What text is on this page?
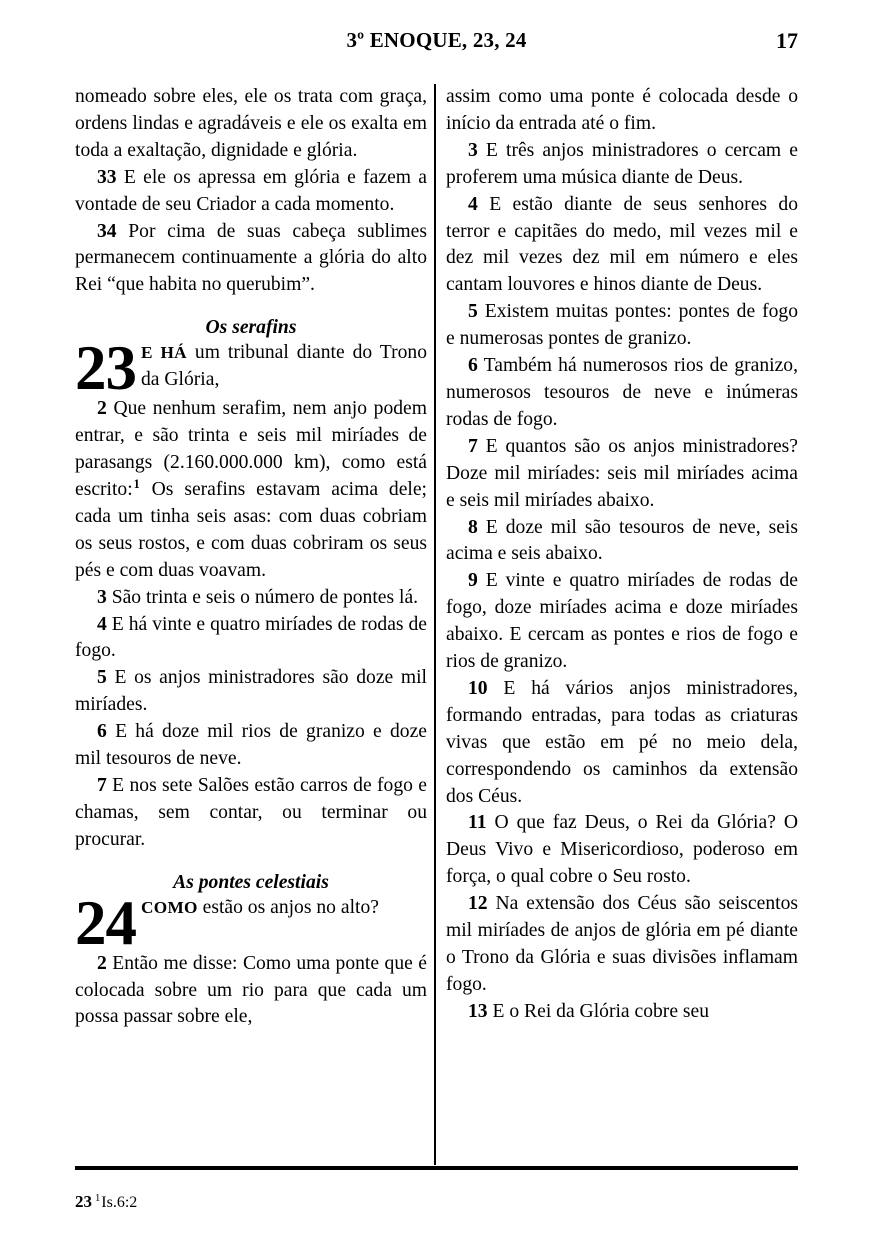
3º ENOQUE, 23, 24	17

nomeado sobre eles, ele os trata com graça, ordens lindas e agradáveis e ele os exalta em toda a exaltação, dignidade e glória.

33 E ele os apressa em glória e fazem a vontade de seu Criador a cada momento.

34 Por cima de suas cabeça sublimes permanecem continuamente a glória do alto Rei “que habita no querubim”.

Os serafins

23 E HÁ um tribunal diante do Trono da Glória,

2 Que nenhum serafim, nem anjo podem entrar, e são trinta e seis mil miríades de parasangs (2.160.000.000 km), como está escrito:$^1$ Os serafins estavam acima dele; cada um tinha seis asas: com duas cobriam os seus rostos, e com duas cobriram os seus pés e com duas voavam.

3 São trinta e seis o número de pontes lá.

4 E há vinte e quatro miríades de rodas de fogo.

5 E os anjos ministradores são doze mil miríades.

6 E há doze mil rios de granizo e doze mil tesouros de neve.

7 E nos sete Salões estão carros de fogo e chamas, sem contar, ou terminar ou procurar.

As pontes celestiais

24 COMO estão os anjos no alto?

2 Então me disse: Como uma ponte que é colocada sobre um rio para que cada um possa passar sobre ele,

assim como uma ponte é colocada desde o início da entrada até o fim.

3 E três anjos ministradores o cercam e proferem uma música diante de Deus.

4 E estão diante de seus senhores do terror e capitães do medo, mil vezes mil e dez mil vezes dez mil em número e eles cantam louvores e hinos diante de Deus.

5 Existem muitas pontes: pontes de fogo e numerosas pontes de granizo.

6 Também há numerosos rios de granizo, numerosos tesouros de neve e inúmeras rodas de fogo.

7 E quantos são os anjos ministradores? Doze mil miríades: seis mil miríades acima e seis mil miríades abaixo.

8 E doze mil são tesouros de neve, seis acima e seis abaixo.

9 E vinte e quatro miríades de rodas de fogo, doze miríades acima e doze miríades abaixo. E cercam as pontes e rios de fogo e rios de granizo.

10 E há vários anjos ministradores, formando entradas, para todas as criaturas vivas que estão em pé no meio dela, correspondendo os caminhos da extensão dos Céus.

11 O que faz Deus, o Rei da Glória? O Deus Vivo e Misericordioso, poderoso em força, o qual cobre o Seu rosto.

12 Na extensão dos Céus são seiscentos mil miríades de anjos de glória em pé diante o Trono da Glória e suas divisões inflamam fogo.

13 E o Rei da Glória cobre seu

23 $^1$Is.6:2
